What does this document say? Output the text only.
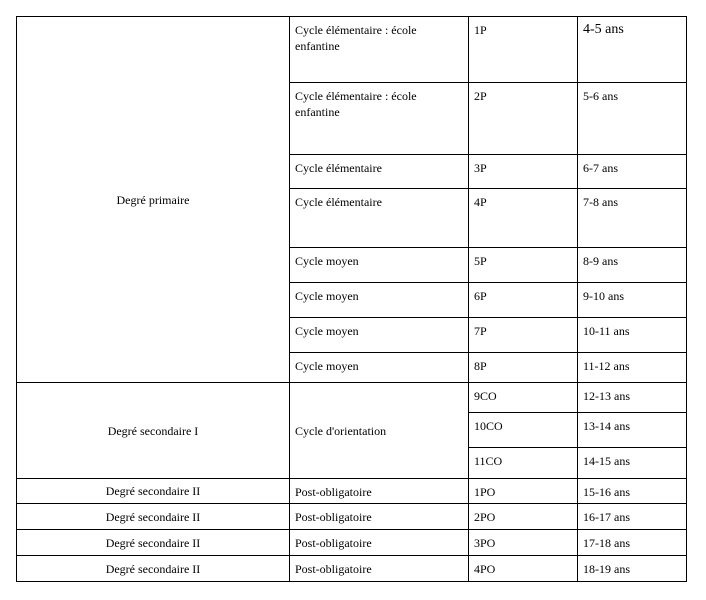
Degré primaire	Cycle élémentaire : école enfantine	1P	4-5 ans
	Cycle élémentaire : école enfantine	2P	5-6 ans
	Cycle élémentaire	3P	6-7 ans
	Cycle élémentaire	4P	7-8 ans
	Cycle moyen	5P	8-9 ans
	Cycle moyen	6P	9-10 ans
	Cycle moyen	7P	10-11 ans
	Cycle moyen	8P	11-12 ans
Degré secondaire I	Cycle d'orientation	9CO	12-13 ans
		10CO	13-14 ans
		11CO	14-15 ans
Degré secondaire II	Post-obligatoire	1PO	15-16 ans
Degré secondaire II	Post-obligatoire	2PO	16-17 ans
Degré secondaire II	Post-obligatoire	3PO	17-18 ans
Degré secondaire II	Post-obligatoire	4PO	18-19 ans
